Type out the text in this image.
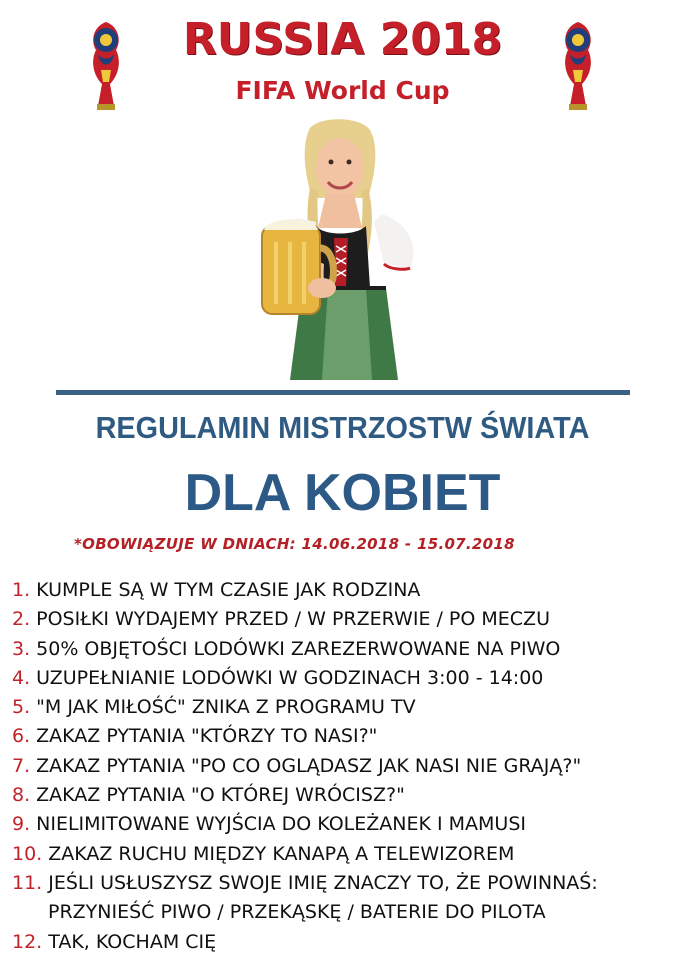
RUSSIA 2018
FIFA World Cup
REGULAMIN MISTRZOSTW ŚWIATA
DLA KOBIET
*OBOWIĄZUJE W DNIACH: 14.06.2018 - 15.07.2018
1. KUMPLE SĄ W TYM CZASIE JAK RODZINA
2. POSIŁKI WYDAJEMY PRZED / W PRZERWIE / PO MECZU
3. 50% OBJĘTOŚCI LODÓWKI ZAREZERWOWANE NA PIWO
4. UZUPEŁNIANIE LODÓWKI W GODZINACH 3:00 - 14:00
5. "M JAK MIŁOŚĆ" ZNIKA Z PROGRAMU TV
6. ZAKAZ PYTANIA "KTÓRZY TO NASI?"
7. ZAKAZ PYTANIA "PO CO OGLĄDASZ JAK NASI NIE GRAJĄ?"
8. ZAKAZ PYTANIA "O KTÓREJ WRÓCISZ?"
9. NIELIMITOWANE WYJŚCIA DO KOLEŻANEK I MAMUSI
10. ZAKAZ RUCHU MIĘDZY KANAPĄ A TELEWIZOREM
11. JEŚLI USŁUSZYSZ SWOJE IMIĘ ZNACZY TO, ŻE POWINNAŚ:
PRZYNIEŚĆ PIWO / PRZEKĄSKĘ / BATERIE DO PILOTA
12. TAK, KOCHAM CIĘ
